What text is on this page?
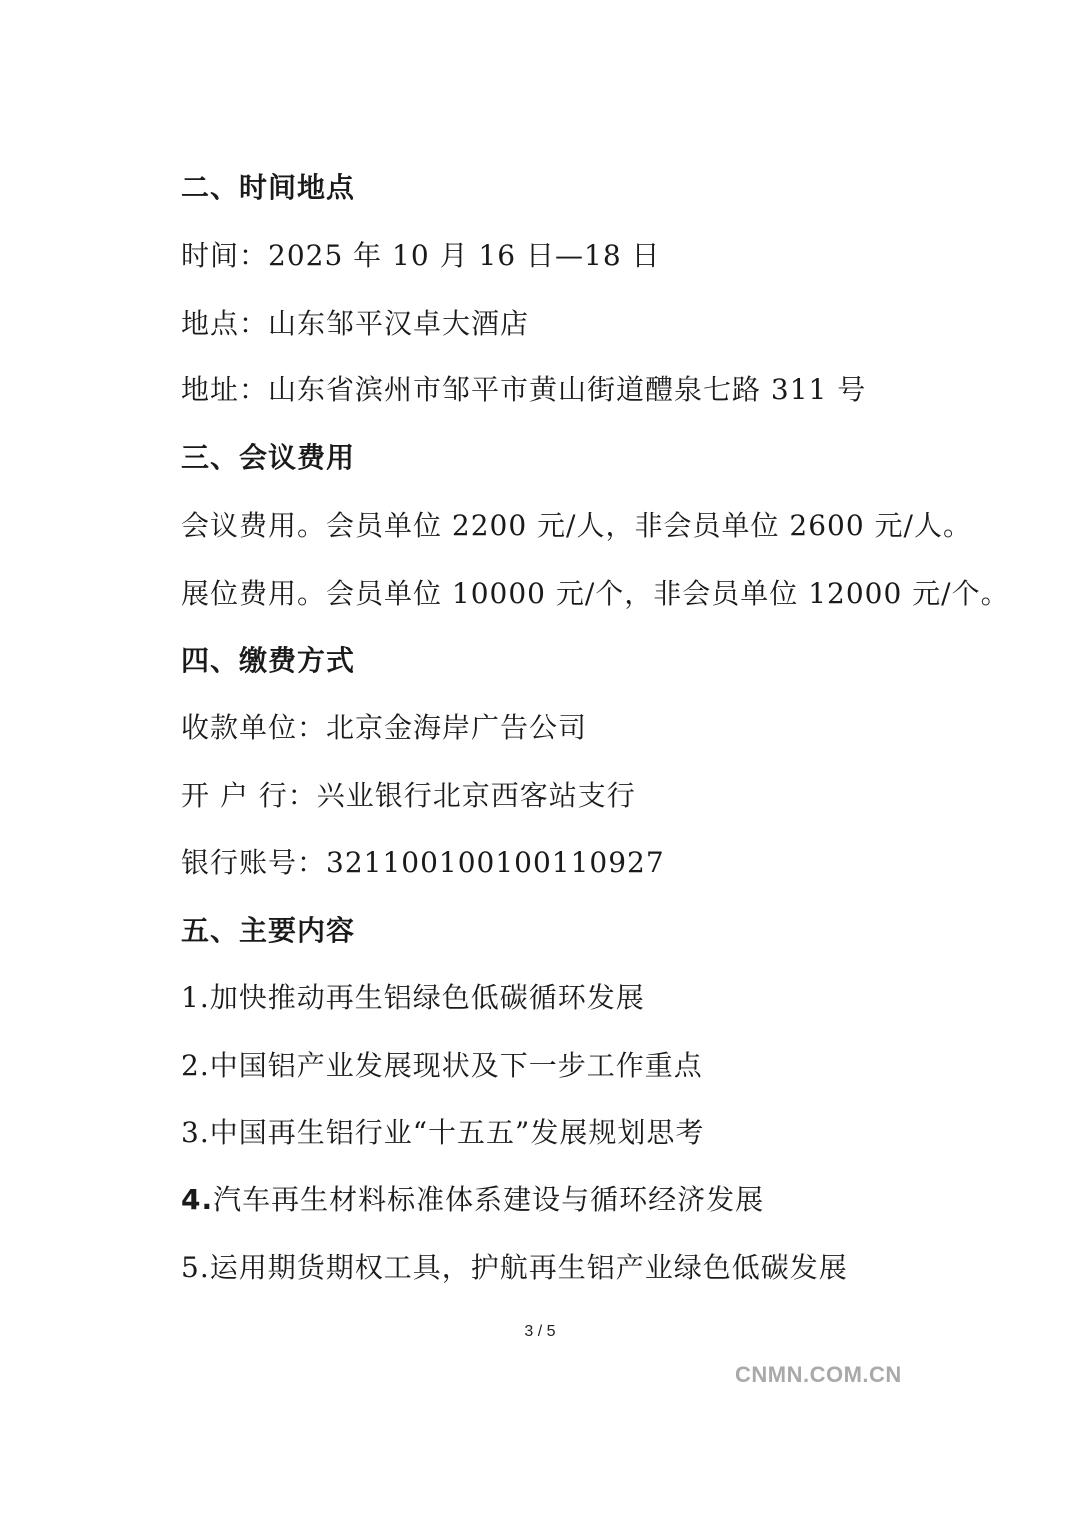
二、时间地点
时间：2025 年 10 月 16 日—18 日
地点：山东邹平汉卓大酒店
地址：山东省滨州市邹平市黄山街道醴泉七路 311 号
三、会议费用
会议费用。会员单位 2200 元/人，非会员单位 2600 元/人。
展位费用。会员单位 10000 元/个，非会员单位 12000 元/个。
四、缴费方式
收款单位：北京金海岸广告公司
开 户 行：兴业银行北京西客站支行
银行账号：321100100100110927
五、主要内容
1.加快推动再生铝绿色低碳循环发展
2.中国铝产业发展现状及下一步工作重点
3.中国再生铝行业“十五五”发展规划思考
4.汽车再生材料标准体系建设与循环经济发展
5.运用期货期权工具，护航再生铝产业绿色低碳发展
3 / 5
CNMN.COM.CN
